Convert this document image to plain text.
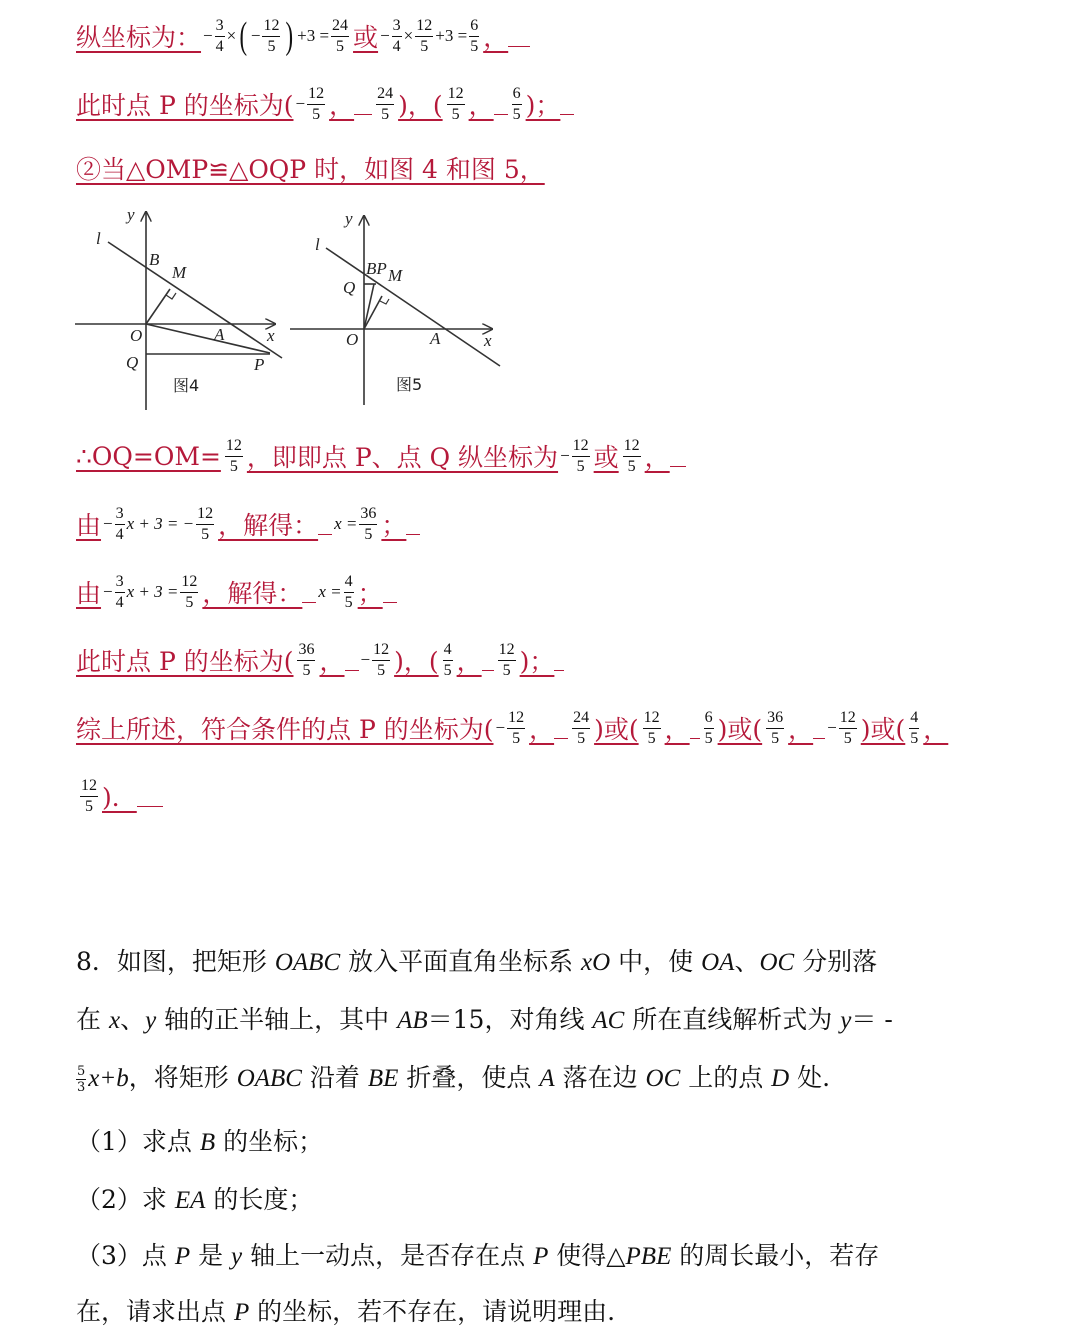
纵坐标为： − $\frac{3}{4}$ × ( − $\frac{12}{5}$ ) $+3 = \frac{24}{5}$ 或 − $\frac{3}{4} \times \frac{12}{5} +3 = \frac{6}{5}$ ，
此时点 P 的坐标为( − $\frac{12}{5}$ ， $\frac{24}{5}$ )，( $\frac{12}{5}$ ， $\frac{6}{5}$ )；
②当△OMP≌△OQP 时，如图 4 和图 5，
y
l
B
M
O	A	x
Q	P
图4
y
l
BP M
Q
O	A	x
图5
∴OQ=OM= $\frac{12}{5}$ ，即即点 P、点 Q 纵坐标为 − $\frac{12}{5}$ 或 $\frac{12}{5}$ ，
由 − $\frac{3}{4}$ x + 3 = − $\frac{12}{5}$ ，解得： $x = \frac{36}{5}$ ；
由 − $\frac{3}{4}$ $x + 3 = \frac{12}{5}$ ，解得： $x = \frac{4}{5}$ ；
此时点 P 的坐标为( $\frac{36}{5}$ ， − $\frac{12}{5}$ )，( $\frac{4}{5}$ ， $\frac{12}{5}$ )；
综上所述，符合条件的点 P 的坐标为( − $\frac{12}{5}$ ， $\frac{24}{5}$ )或( $\frac{12}{5}$ ， $\frac{6}{5}$ )或( $\frac{36}{5}$ ， − $\frac{12}{5}$ )或( $\frac{4}{5}$ ，
$\frac{12}{5}$ )．
8．如图，把矩形 OABC 放入平面直角坐标系 xO 中，使 OA、OC 分别落
在 x、y 轴的正半轴上，其中 AB＝15，对角线 AC 所在直线解析式为 y＝ -
$\frac{5}{3} x+b$，将矩形 OABC 沿着 BE 折叠，使点 A 落在边 OC 上的点 D 处.
（1）求点 B 的坐标；
（2）求 EA 的长度；
（3）点 P 是 y 轴上一动点，是否存在点 P 使得△PBE 的周长最小，若存
在，请求出点 P 的坐标，若不存在，请说明理由.
